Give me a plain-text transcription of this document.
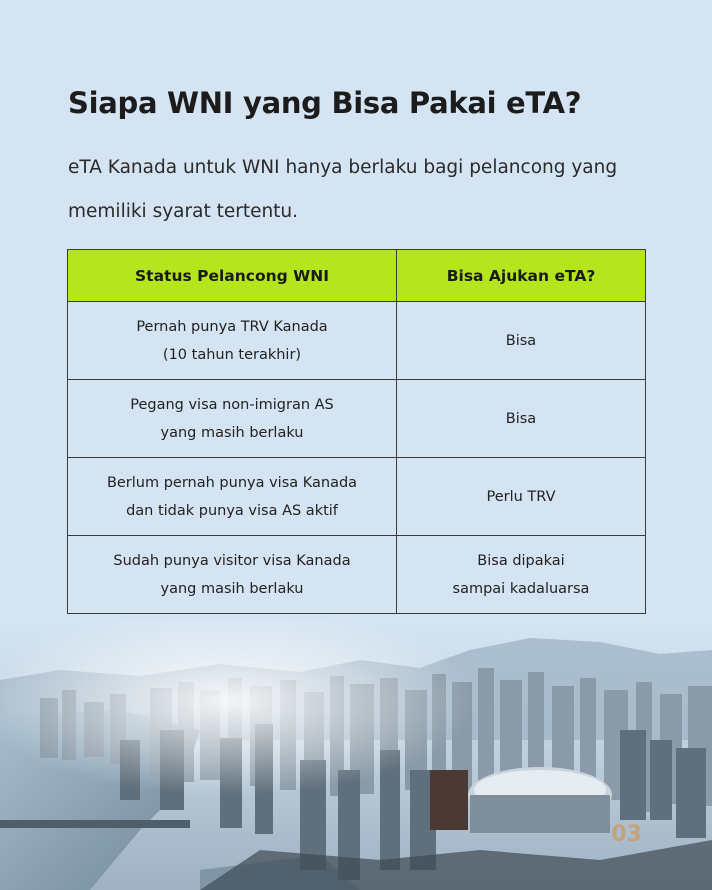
Siapa WNI yang Bisa Pakai eTA?

eTA Kanada untuk WNI hanya berlaku bagi pelancong yang
memiliki syarat tertentu.

Status Pelancong WNI	Bisa Ajukan eTA?

Pernah punya TRV Kanada
(10 tahun terakhir)	Bisa

Pegang visa non-imigran AS
yang masih berlaku	Bisa

Berlum pernah punya visa Kanada
dan tidak punya visa AS aktif	Perlu TRV

Sudah punya visitor visa Kanada
yang masih berlaku	Bisa dipakai
sampai kadaluarsa
03
